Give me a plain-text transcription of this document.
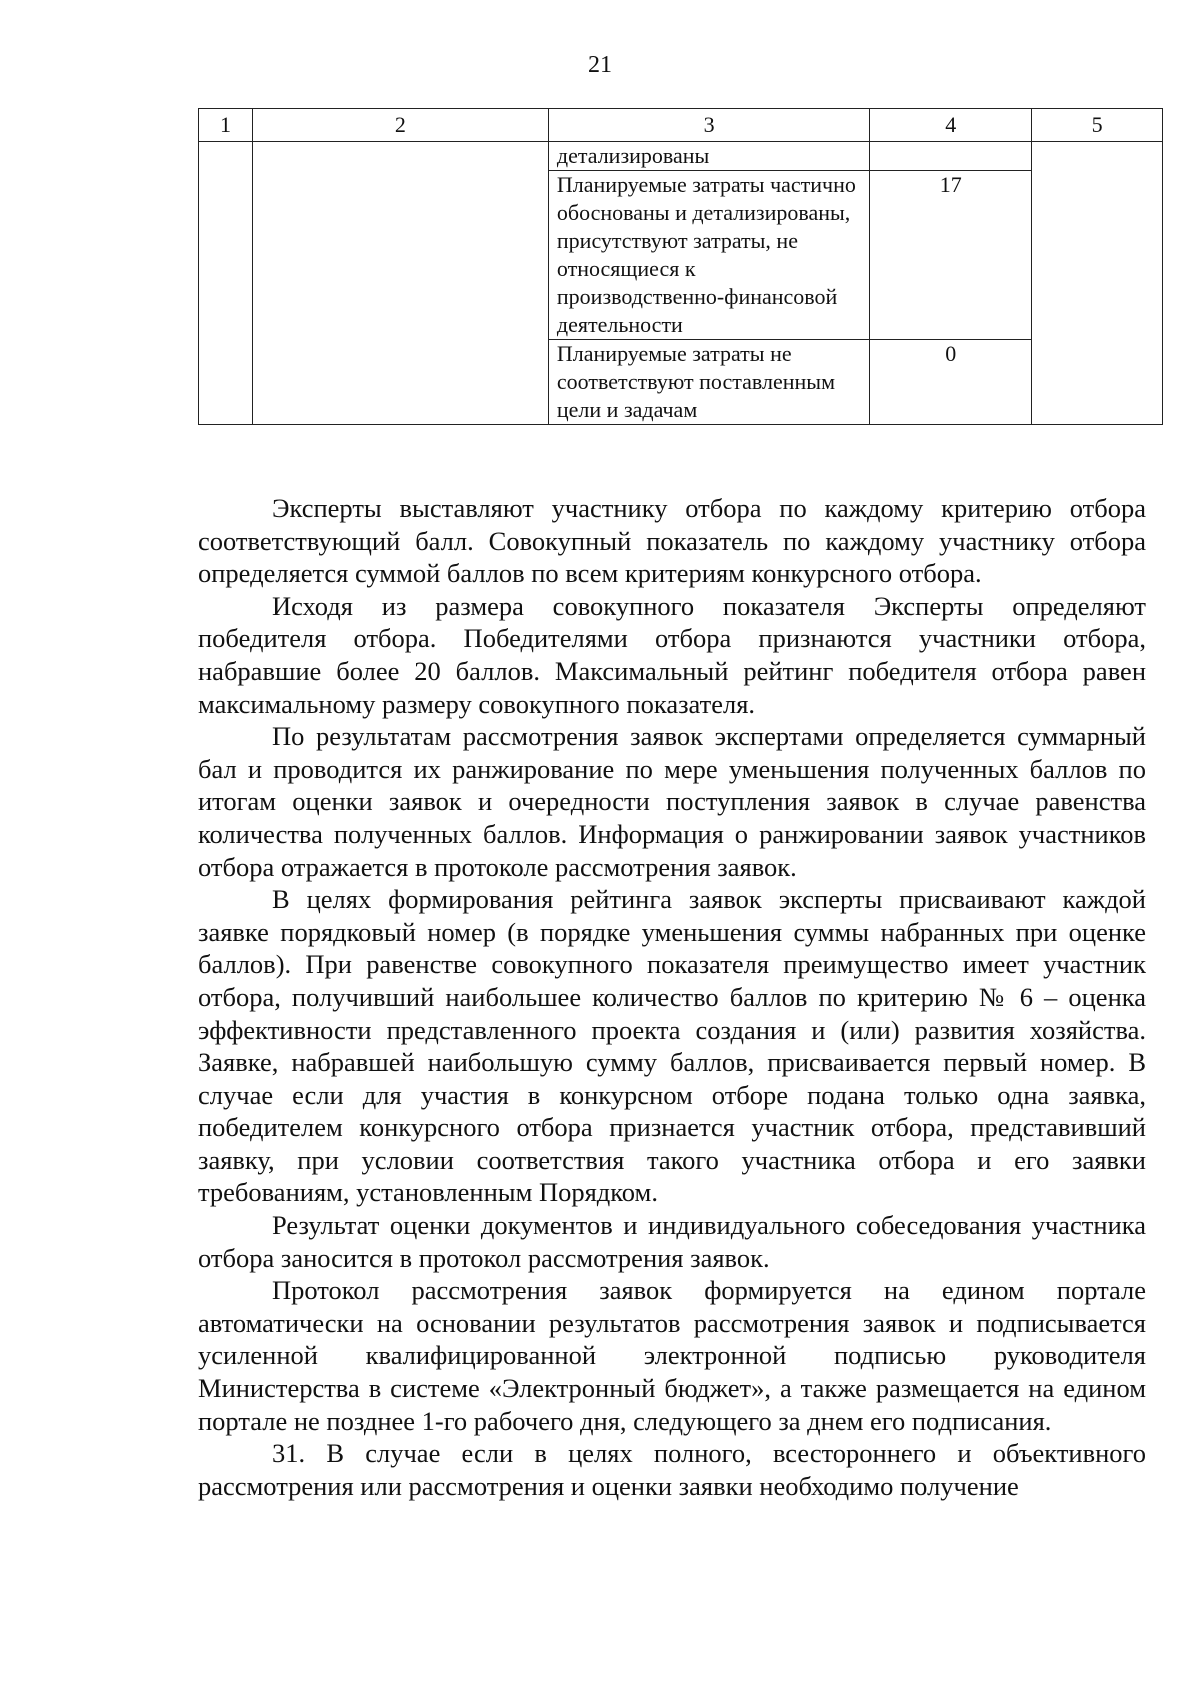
21
1	2	3	4	5
		детализированы		
		Планируемые затраты частично обоснованы и детализированы, присутствуют затраты, не относящиеся к производственно-финансовой деятельности	17	
		Планируемые затраты не соответствуют поставленным цели и задачам	0	

Эксперты выставляют участнику отбора по каждому критерию отбора соответствующий балл. Совокупный показатель по каждому участнику отбора определяется суммой баллов по всем критериям конкурсного отбора.

Исходя из размера совокупного показателя Эксперты определяют победителя отбора. Победителями отбора признаются участники отбора, набравшие более 20 баллов. Максимальный рейтинг победителя отбора равен максимальному размеру совокупного показателя.

По результатам рассмотрения заявок экспертами определяется суммарный бал и проводится их ранжирование по мере уменьшения полученных баллов по итогам оценки заявок и очередности поступления заявок в случае равенства количества полученных баллов. Информация о ранжировании заявок участников отбора отражается в протоколе рассмотрения заявок.

В целях формирования рейтинга заявок эксперты присваивают каждой заявке порядковый номер (в порядке уменьшения суммы набранных при оценке баллов). При равенстве совокупного показателя преимущество имеет участник отбора, получивший наибольшее количество баллов по критерию № 6 – оценка эффективности представленного проекта создания и (или) развития хозяйства. Заявке, набравшей наибольшую сумму баллов, присваивается первый номер. В случае если для участия в конкурсном отборе подана только одна заявка, победителем конкурсного отбора признается участник отбора, представивший заявку, при условии соответствия такого участника отбора и его заявки требованиям, установленным Порядком.

Результат оценки документов и индивидуального собеседования участника отбора заносится в протокол рассмотрения заявок.

Протокол рассмотрения заявок формируется на едином портале автоматически на основании результатов рассмотрения заявок и подписывается усиленной квалифицированной электронной подписью руководителя Министерства в системе «Электронный бюджет», а также размещается на едином портале не позднее 1-го рабочего дня, следующего за днем его подписания.

31. В случае если в целях полного, всестороннего и объективного рассмотрения или рассмотрения и оценки заявки необходимо получение
